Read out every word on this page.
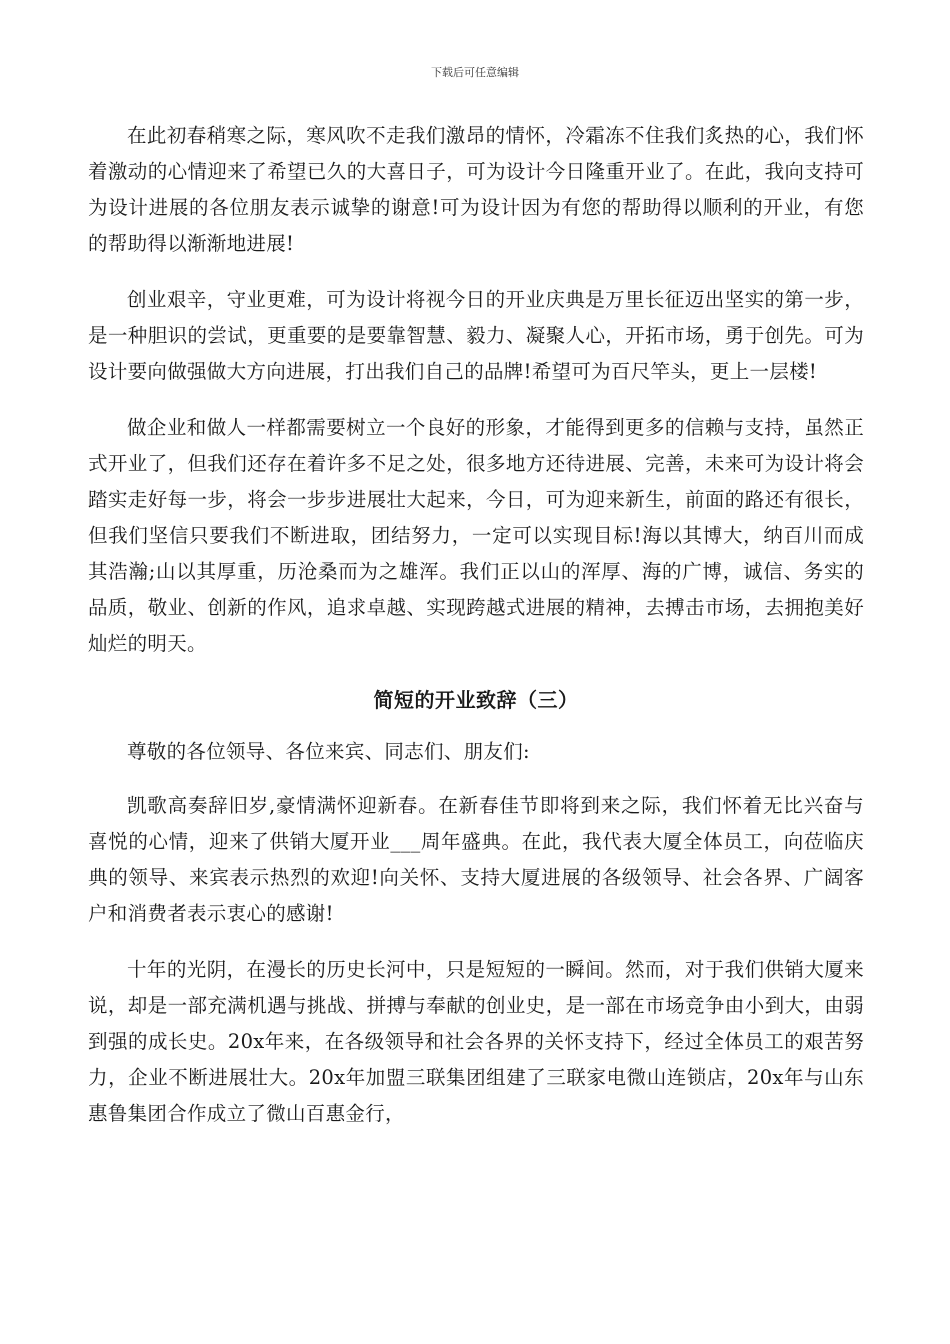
下载后可任意编辑

在此初春稍寒之际，寒风吹不走我们激昂的情怀，冷霜冻不住我们炙热的心，我们怀着激动的心情迎来了希望已久的大喜日子，可为设计今日隆重开业了。在此，我向支持可为设计进展的各位朋友表示诚挚的谢意!可为设计因为有您的帮助得以顺利的开业，有您的帮助得以渐渐地进展!

创业艰辛，守业更难，可为设计将视今日的开业庆典是万里长征迈出坚实的第一步，是一种胆识的尝试，更重要的是要靠智慧、毅力、凝聚人心，开拓市场，勇于创先。可为设计要向做强做大方向进展，打出我们自己的品牌!希望可为百尺竿头，更上一层楼!

做企业和做人一样都需要树立一个良好的形象，才能得到更多的信赖与支持，虽然正式开业了，但我们还存在着许多不足之处，很多地方还待进展、完善，未来可为设计将会踏实走好每一步，将会一步步进展壮大起来，今日，可为迎来新生，前面的路还有很长，但我们坚信只要我们不断进取，团结努力，一定可以实现目标!海以其博大，纳百川而成其浩瀚;山以其厚重，历沧桑而为之雄浑。我们正以山的浑厚、海的广博，诚信、务实的品质，敬业、创新的作风，追求卓越、实现跨越式进展的精神，去搏击市场，去拥抱美好灿烂的明天。

简短的开业致辞（三）

尊敬的各位领导、各位来宾、同志们、朋友们:

凯歌高奏辞旧岁,豪情满怀迎新春。在新春佳节即将到来之际，我们怀着无比兴奋与喜悦的心情，迎来了供销大厦开业___周年盛典。在此，我代表大厦全体员工，向莅临庆典的领导、来宾表示热烈的欢迎!向关怀、支持大厦进展的各级领导、社会各界、广阔客户和消费者表示衷心的感谢!

十年的光阴，在漫长的历史长河中，只是短短的一瞬间。然而，对于我们供销大厦来说，却是一部充满机遇与挑战、拼搏与奉献的创业史，是一部在市场竞争由小到大，由弱到强的成长史。20x年来，在各级领导和社会各界的关怀支持下，经过全体员工的艰苦努力，企业不断进展壮大。20x年加盟三联集团组建了三联家电微山连锁店，20x年与山东惠鲁集团合作成立了微山百惠金行，
